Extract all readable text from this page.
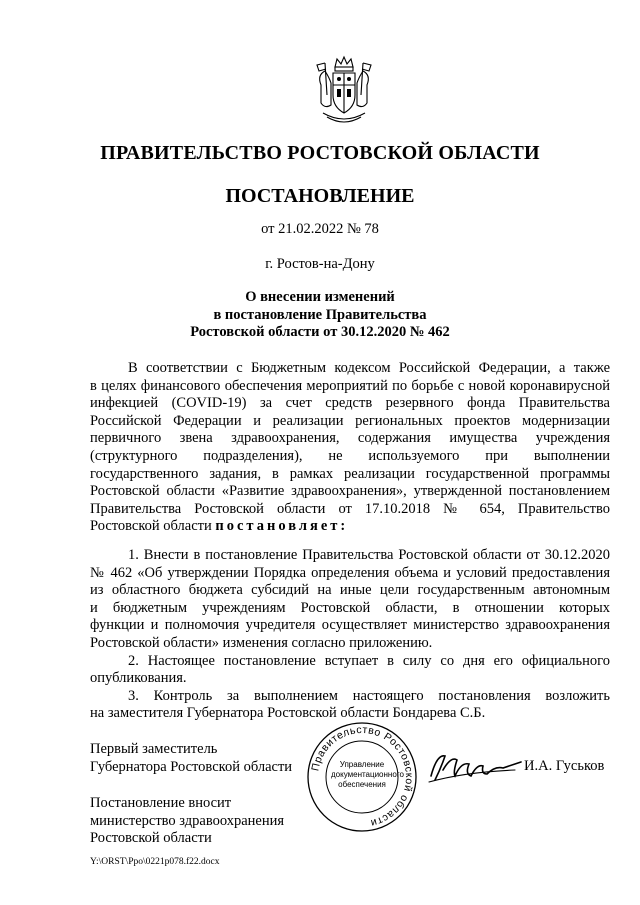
ПРАВИТЕЛЬСТВО РОСТОВСКОЙ ОБЛАСТИ
ПОСТАНОВЛЕНИЕ
от 21.02.2022 № 78
г. Ростов-на-Дону
О внесении изменений
в постановление Правительства
Ростовской области от 30.12.2020 № 462
В соответствии с Бюджетным кодексом Российской Федерации, а также
в целях финансового обеспечения мероприятий по борьбе с новой коронавирусной
инфекцией (COVID-19) за счет средств резервного фонда Правительства
Российской Федерации и реализации региональных проектов модернизации
первичного звена здравоохранения, содержания имущества учреждения
(структурного подразделения), не используемого при выполнении
государственного задания, в рамках реализации государственной программы
Ростовской области «Развитие здравоохранения», утвержденной постановлением
Правительства Ростовской области от 17.10.2018 № 654, Правительство
Ростовской области постановляет:
1. Внести в постановление Правительства Ростовской области от 30.12.2020
№ 462 «Об утверждении Порядка определения объема и условий предоставления
из областного бюджета субсидий на иные цели государственным автономным
и бюджетным учреждениям Ростовской области, в отношении которых
функции и полномочия учредителя осуществляет министерство здравоохранения
Ростовской области» изменения согласно приложению.
2. Настоящее постановление вступает в силу со дня его официального
опубликования.
3. Контроль за выполнением настоящего постановления возложить
на заместителя Губернатора Ростовской области Бондарева С.Б.
Первый заместитель
Губернатора Ростовской области Правительство Ростовской области
Управление
документационного
обеспечения
И.А. Гуськов
Постановление вносит
министерство здравоохранения
Ростовской области
Y:\ORST\Ppo\0221p078.f22.docx
